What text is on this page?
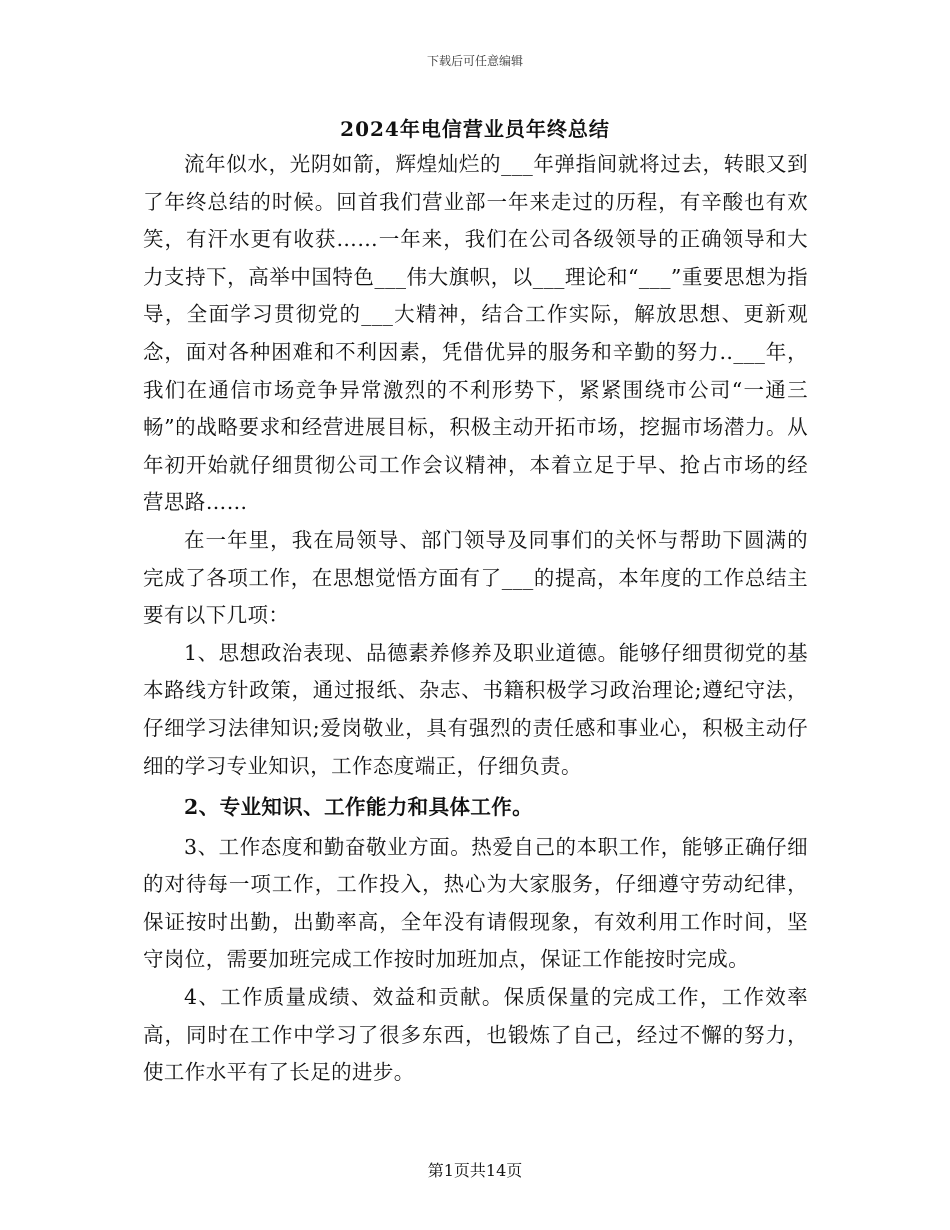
下载后可任意编辑
2024年电信营业员年终总结

流年似水，光阴如箭，辉煌灿烂的___年弹指间就将过去，转眼又到了年终总结的时候。回首我们营业部一年来走过的历程，有辛酸也有欢笑，有汗水更有收获……一年来，我们在公司各级领导的正确领导和大力支持下，高举中国特色___伟大旗帜，以___理论和“___”重要思想为指导，全面学习贯彻党的___大精神，结合工作实际，解放思想、更新观念，面对各种困难和不利因素，凭借优异的服务和辛勤的努力..___年，我们在通信市场竞争异常激烈的不利形势下，紧紧围绕市公司“一通三畅”的战略要求和经营进展目标，积极主动开拓市场，挖掘市场潜力。从年初开始就仔细贯彻公司工作会议精神，本着立足于早、抢占市场的经营思路……

在一年里，我在局领导、部门领导及同事们的关怀与帮助下圆满的完成了各项工作，在思想觉悟方面有了___的提高，本年度的工作总结主要有以下几项：

1、思想政治表现、品德素养修养及职业道德。能够仔细贯彻党的基本路线方针政策，通过报纸、杂志、书籍积极学习政治理论;遵纪守法，仔细学习法律知识;爱岗敬业，具有强烈的责任感和事业心，积极主动仔细的学习专业知识，工作态度端正，仔细负责。

2、专业知识、工作能力和具体工作。

3、工作态度和勤奋敬业方面。热爱自己的本职工作，能够正确仔细的对待每一项工作，工作投入，热心为大家服务，仔细遵守劳动纪律，保证按时出勤，出勤率高，全年没有请假现象，有效利用工作时间，坚守岗位，需要加班完成工作按时加班加点，保证工作能按时完成。

4、工作质量成绩、效益和贡献。保质保量的完成工作，工作效率高，同时在工作中学习了很多东西，也锻炼了自己，经过不懈的努力，使工作水平有了长足的进步。

第1页共14页
